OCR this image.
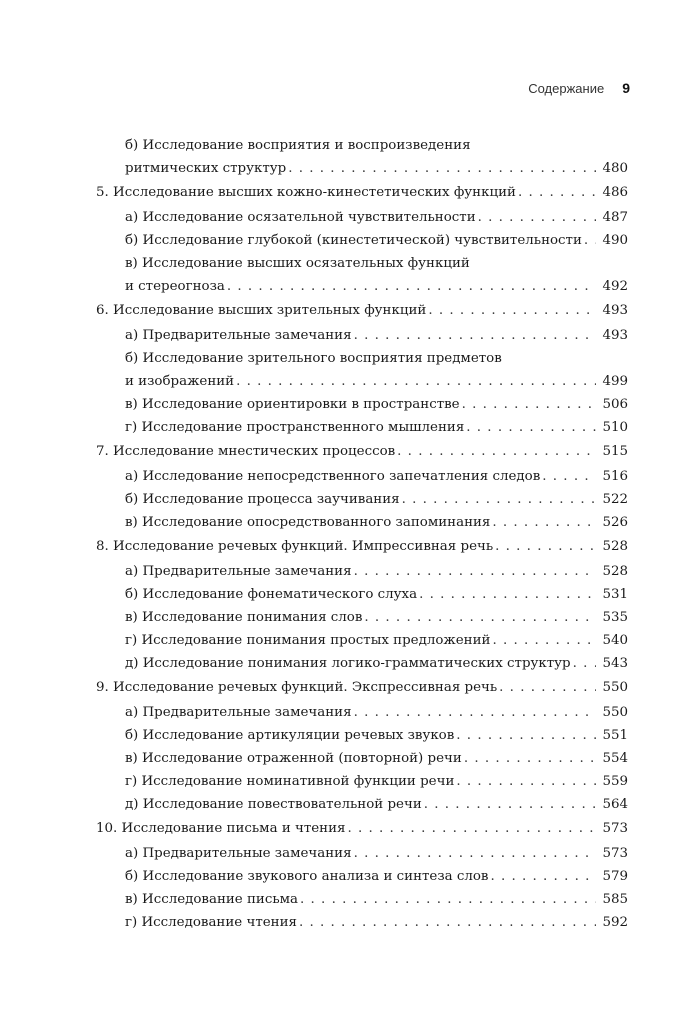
Содержание 9
б) Исследование восприятия и воспроизведения
ритмических структур . . .	480
5. Исследование высших кожно-кинестетических функций . . .	486
а) Исследование осязательной чувствительности . . .	487
б) Исследование глубокой (кинестетической) чувствительности . . . 490
в) Исследование высших осязательных функций
и стереогноза . . .	492
6. Исследование высших зрительных функций . . .	493
а) Предварительные замечания . . .	493
б) Исследование зрительного восприятия предметов
и изображений . . .	499
в) Исследование ориентировки в пространстве . . .	506
г) Исследование пространственного мышления . . .	510
7. Исследование мнестических процессов . . .	515
а) Исследование непосредственного запечатления следов . . .	516
б) Исследование процесса заучивания . . .	522
в) Исследование опосредствованного запоминания . . .	526
8. Исследование речевых функций. Импрессивная речь . . .	528
а) Предварительные замечания . . .	528
б) Исследование фонематического слуха . . .	531
в) Исследование понимания слов . . .	535
г) Исследование понимания простых предложений . . .	540
д) Исследование понимания логико-грамматических структур . . . 543
9. Исследование речевых функций. Экспрессивная речь . . .	550
а) Предварительные замечания . . .	550
б) Исследование артикуляции речевых звуков . . .	551
в) Исследование отраженной (повторной) речи . . .	554
г) Исследование номинативной функции речи . . .	559
д) Исследование повествовательной речи . . .	564
10. Исследование письма и чтения . . .	573
а) Предварительные замечания . . .	573
б) Исследование звукового анализа и синтеза слов . . .	579
в) Исследование письма . . .	585
г) Исследование чтения . . .	592
